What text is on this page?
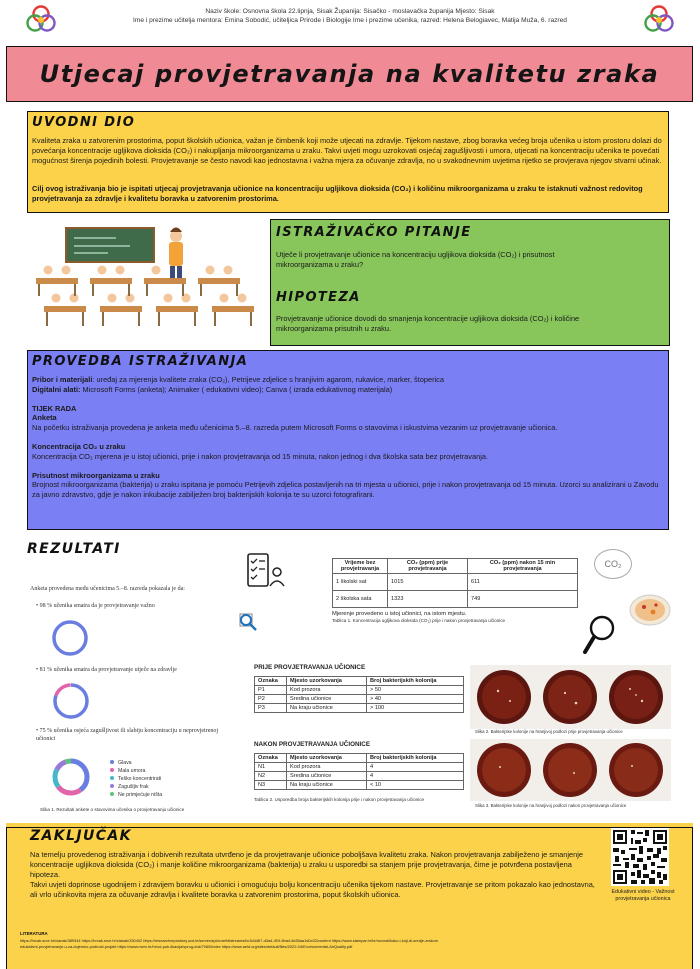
Naziv škole: Osnovna škola 22.lipnja, Sisak Županija: Sisačko - moslavačka županija Mjesto: Sisak
Ime i prezime učitelja mentora: Emina Sobodić, učiteljica Prirode i Biologije Ime i prezime učenika, razred: Helena Belogiavec, Matija Muža, 6. razred
Utjecaj provjetravanja na kvalitetu zraka
UVODNI DIO
Kvaliteta zraka u zatvorenim prostorima, poput školskih učionica, važan je čimbenik koji može utjecati na zdravlje. Tijekom nastave, zbog boravka većeg broja učenika u istom prostoru dolazi do povećanja koncentracije ugljikova dioksida (CO₂) i nakupljanja mikroorganizama u zraku. Takvi uvjeti mogu uzrokovati osjećaj zagušljivosti i umora, utjecati na koncentraciju učenika te povećati mogućnost širenja pojedinih bolesti. Provjetravanje se često navodi kao jednostavna i važna mjera za očuvanje zdravlja, no u svakodnevnim uvjetima rijetko se provjerava njegov stvarni učinak.
Cilj ovog istraživanja bio je ispitati utjecaj provjetravanja učionice na koncentraciju ugljikova dioksida (CO₂) i količinu mikroorganizama u zraku te istaknuti važnost redovitog provjetravanja za zdravlje i kvalitetu boravka u zatvorenim prostorima.
ISTRAŽIVAČKO PITANJE
Utječe li provjetravanje učionice na koncentraciju ugljikova dioksida (CO₂) i prisutnost mikroorganizama u zraku?
HIPOTEZA
Provjetravanje učionice dovodi do smanjenja koncentracije ugljikova dioksida (CO₂) i količine mikroorganizama prisutnih u zraku.
PROVEDBA ISTRAŽIVANJA
Pribor i materijali: uređaj za mjerenja kvalitete zraka (CO₂), Petrijeve zdjelice s hranjivim agarom, rukavice, marker, štoperica
Digitalni alati: Microsoft Forms (anketa); Animaker ( edukativni video); Canva ( izrada edukativnog materijala)
TIJEK RADA
Anketa
Na početku istraživanja provedena je anketa među učenicima 5.–8. razreda putem Microsoft Forms o stavovima i iskustvima vezanim uz provjetravanje učionica.
Koncentracija CO₂ u zraku
Koncentracija CO₂ mjerena je u istoj učionici, prije i nakon provjetravanja od 15 minuta, nakon jednog i dva školska sata bez provjetravanja.
Prisutnost mikroorganizama u zraku
Brojnost mikroorganizama (bakterija) u zraku ispitana je pomoću Petrijevih zdjelica postavljenih na tri mjesta u učionici, prije i nakon provjetravanja od 15 minuta. Uzorci su analizirani u Zavodu za javno zdravstvo, gdje je nakon inkubacije zabilježen broj bakterijskih kolonija te su uzorci fotografirani.
REZULTATI
Anketa provedena među učenicima 5.–8. razreda pokazala je da:
• 98 % učenika smatra da je provjetravanje važno
• 81 % učenika smatra da provjetravanje utječe na zdravlje
• 75 % učenika osjeća zagušljivost ili slabiju koncentraciju u neprovjetrenoj učionici
Glava
Mala umora
Teško koncentrirati
Zagušljiv frak
Ne primjećuje ništa
Slika 1. Rezultati ankete o stavovima učenika o provjetravanju učionice
Vrijeme bez provjetravanja	CO₂ (ppm) prije provjetravanja	CO₂ (ppm) nakon 15 min provjetravanja
1 školski sat	1015	611
2 školska sata	1323	749
Mjerenje provedeno u istoj učionici, na istom mjestu.
Tablica 1. Koncentracija ugljikova dioksida (CO₂) prije i nakon provjetravanja učionice
CO₂
PRIJE PROVJETRAVANJA UČIONICE
Oznaka	Mjesto uzorkovanja	Broj bakterijskih kolonija
P1	Kod prozora	> 50
P2	Sredina učionice	> 40
P3	Na kraju učionice	> 100
NAKON PROVJETRAVANJA UČIONICE
Oznaka	Mjesto uzorkovanja	Broj bakterijskih kolonija
N1	Kod prozora	4
N2	Sredina učionice	4
N3	Na kraju učionice	< 10
Tablica 2. Usporedba broja bakterijskih kolonija prije i nakon provjetravanja učionice
Slika 2. Bakterijske kolonije na hranjivoj podlozi prije provjetravanja učionice
Slika 3. Bakterijske kolonije na hranjivoj podlozi nakon provjetravanja učionice
ZAKLJUČAK
Na temelju provedenog istraživanja i dobivenih rezultata utvrđeno je da provjetravanje učionice poboljšava kvalitetu zraka. Nakon provjetravanja zabilježeno je smanjenje koncentracije ugljikova dioksida (CO₂) i manje količine mikroorganizama (bakterija) u zraku u usporedbi sa stanjem prije provjetravanja, čime je potvrđena postavljena hipoteza.
Takvi uvjeti doprinose ugodnijem i zdravijem boravku u učionici i omogućuju bolju koncentraciju učenika tijekom nastave. Provjetravanje se pritom pokazalo kao jednostavna, ali vrlo učinkovita mjera za očuvanje zdravlja i kvalitete boravka u zatvorenim prostorima, poput školskih učionica.	Edukativni video - Važnost provjetravanja učionica
LITERATURA
https://hrcak.srce.hr/clanak/389344 https://hrcak.srce.hr/clanak/330402 https://researchrepository.ucd.ie/server/api/core/bitstreams/bc3d4467-d3a4-4f1f-9ba4-8c55aa1d0c32/content https://www.stampar.hr/hr/novosti/kako-i-koji-di-sredje-zrakom
edukativni-provjetravanje-u-za-dojemno-podructi-projekt https://www.mzm.hr/hr/od-pub-likacija/sprog-dok/7060/index https://www.aeid.org/sites/default/files/2022-04/Environmental-AirQuality.pdf
